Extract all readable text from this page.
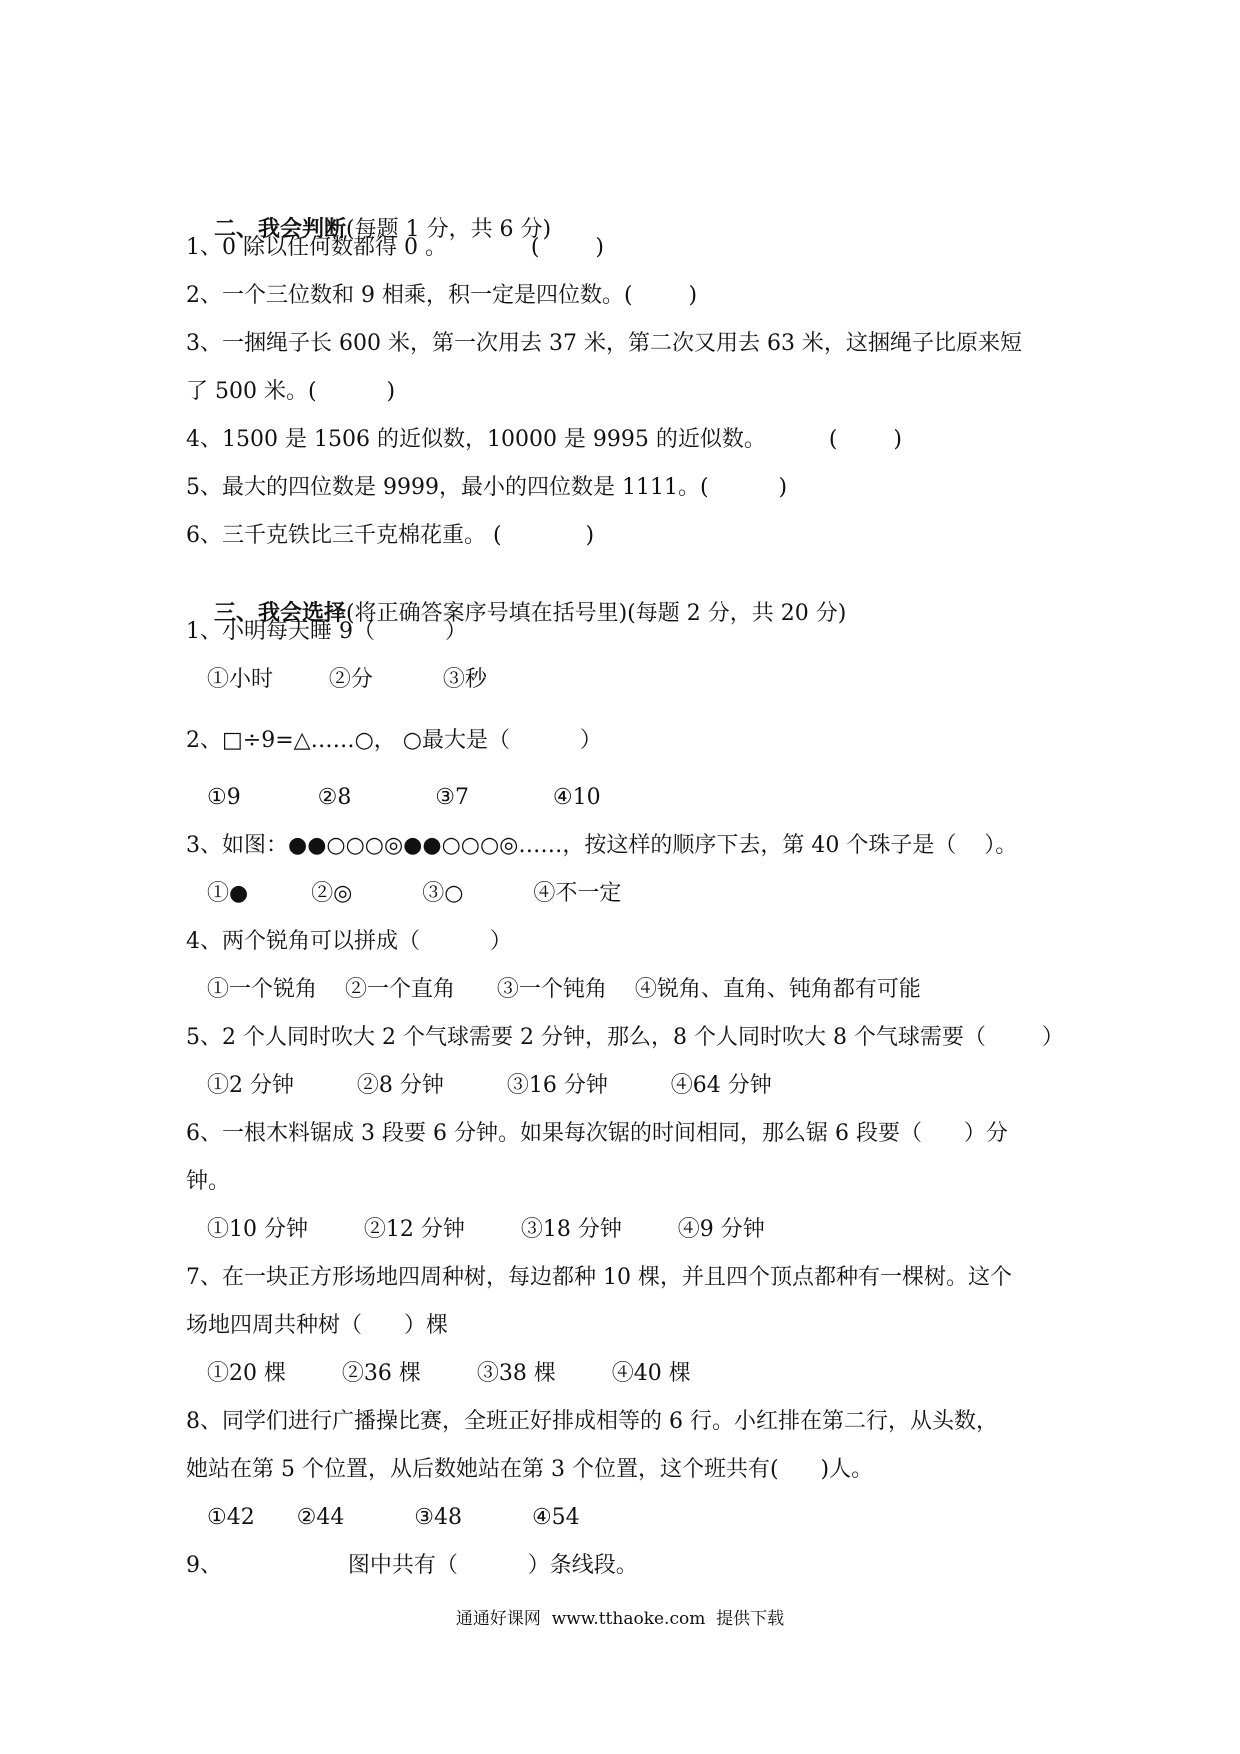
二、我会判断(每题 1 分，共 6 分)

1、0 除以任何数都得 0 。            (        )
2、一个三位数和 9 相乘，积一定是四位数。(        )
3、一捆绳子长 600 米，第一次用去 37 米，第二次又用去 63 米，这捆绳子比原来短
了 500 米。(          )
4、1500 是 1506 的近似数，10000 是 9995 的近似数。         (        )
5、最大的四位数是 9999，最小的四位数是 1111。(          )
6、三千克铁比三千克棉花重。 (            )

三、我会选择(将正确答案序号填在括号里)(每题 2 分，共 20 分)

1、小明每天睡 9（          ）
①小时        ②分          ③秒
2、□÷9=△……○， ○最大是（          ）
①9           ②8            ③7            ④10
3、如图：●●○○○◎●●○○○◎……，按这样的顺序下去，第 40 个珠子是（    ）。
①●         ②◎          ③○          ④不一定
4、两个锐角可以拼成（          ）
①一个锐角    ②一个直角      ③一个钝角    ④锐角、直角、钝角都有可能
5、2 个人同时吹大 2 个气球需要 2 分钟，那么，8 个人同时吹大 8 个气球需要（        ）
①2 分钟         ②8 分钟         ③16 分钟         ④64 分钟
6、一根木料锯成 3 段要 6 分钟。如果每次锯的时间相同，那么锯 6 段要（      ）分
钟。
①10 分钟        ②12 分钟        ③18 分钟        ④9 分钟
7、在一块正方形场地四周种树，每边都种 10 棵，并且四个顶点都种有一棵树。这个
场地四周共种树（      ）棵
①20 棵        ②36 棵        ③38 棵        ④40 棵
8、同学们进行广播操比赛，全班正好排成相等的 6 行。小红排在第二行，从头数，
她站在第 5 个位置，从后数她站在第 3 个位置，这个班共有(      )人。
①42      ②44          ③48          ④54
9、                  图中共有（          ）条线段。
通通好课网  www.tthaoke.com  提供下载
